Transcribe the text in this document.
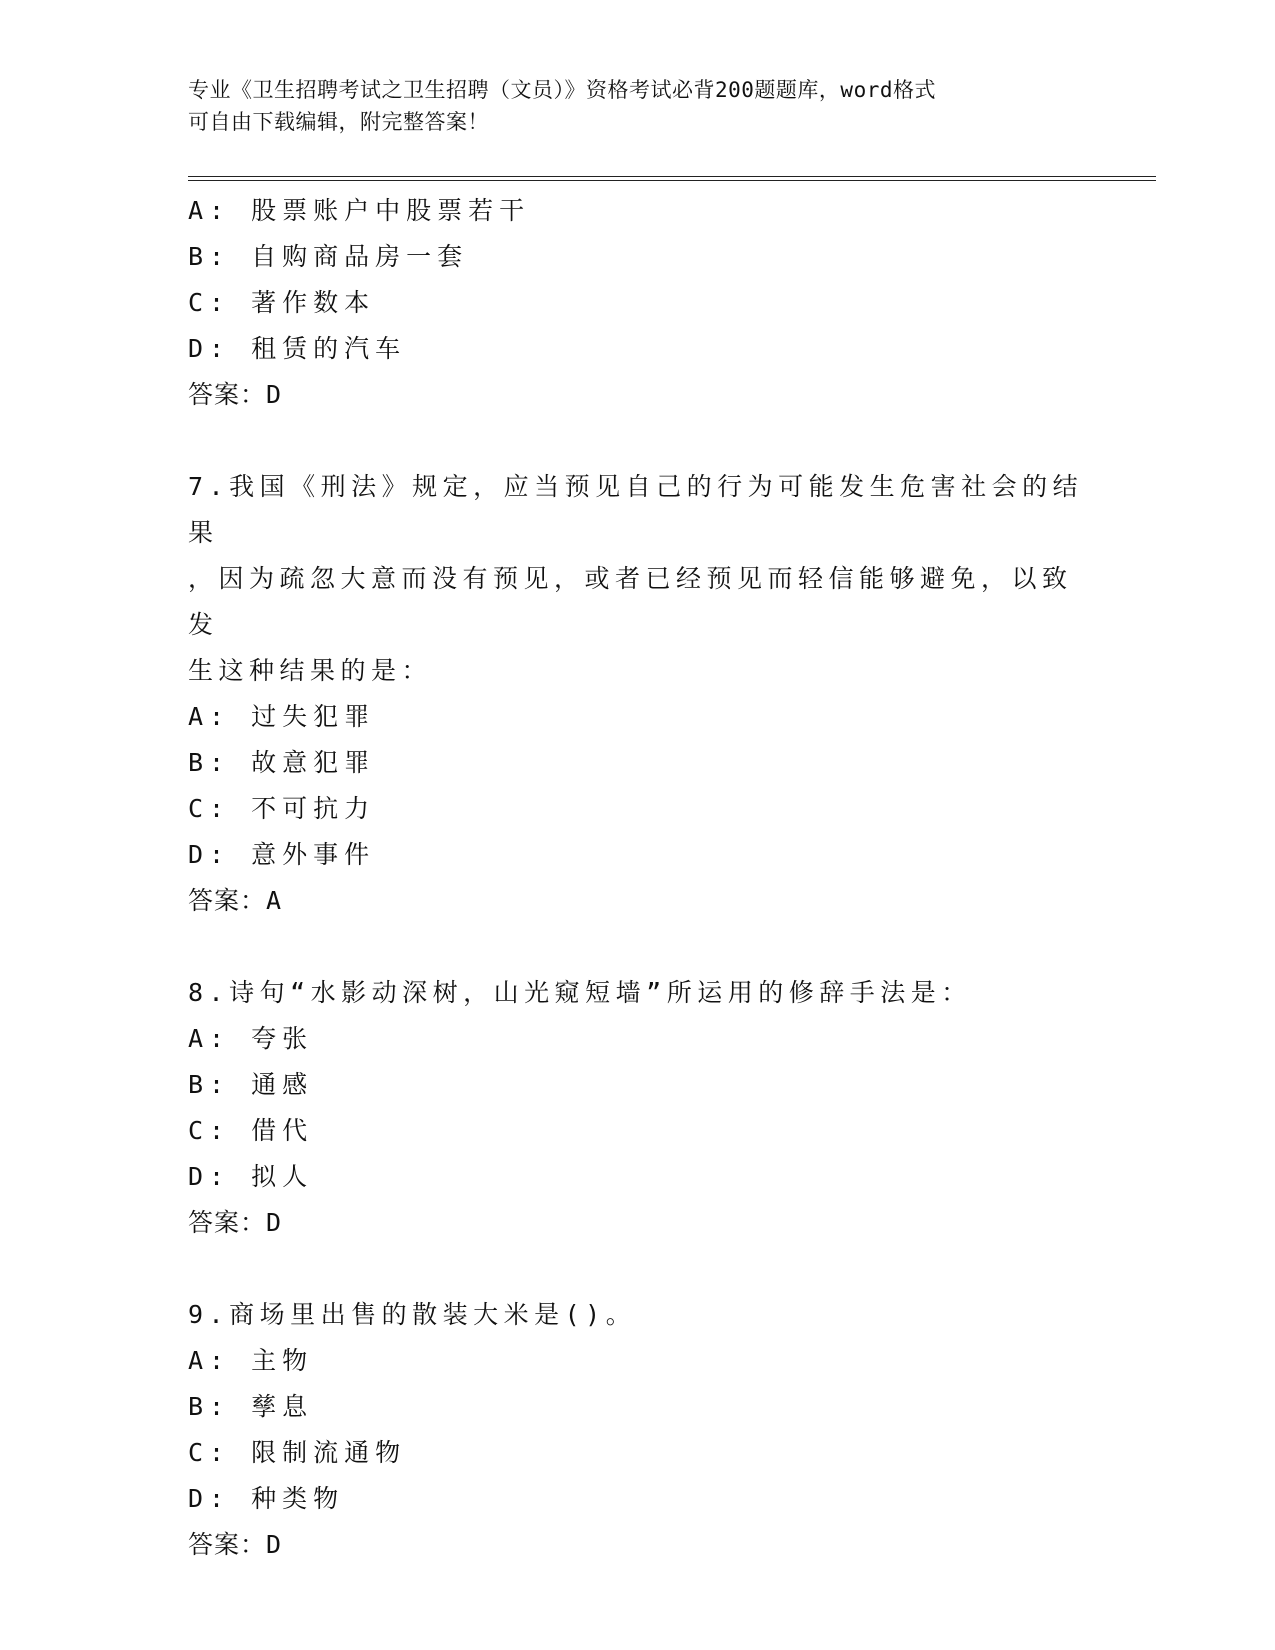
专业《卫生招聘考试之卫生招聘（文员）》资格考试必背200题题库，word格式
可自由下载编辑，附完整答案！
A: 股票账户中股票若干
B: 自购商品房一套
C: 著作数本
D: 租赁的汽车
答案：D
7.我国《刑法》规定，应当预见自己的行为可能发生危害社会的结果
，因为疏忽大意而没有预见，或者已经预见而轻信能够避免，以致发
生这种结果的是：
A: 过失犯罪
B: 故意犯罪
C: 不可抗力
D: 意外事件
答案：A
8.诗句“水影动深树，山光窥短墙”所运用的修辞手法是：
A: 夸张
B: 通感
C: 借代
D: 拟人
答案：D
9.商场里出售的散装大米是()。
A: 主物
B: 孳息
C: 限制流通物
D: 种类物
答案：D
